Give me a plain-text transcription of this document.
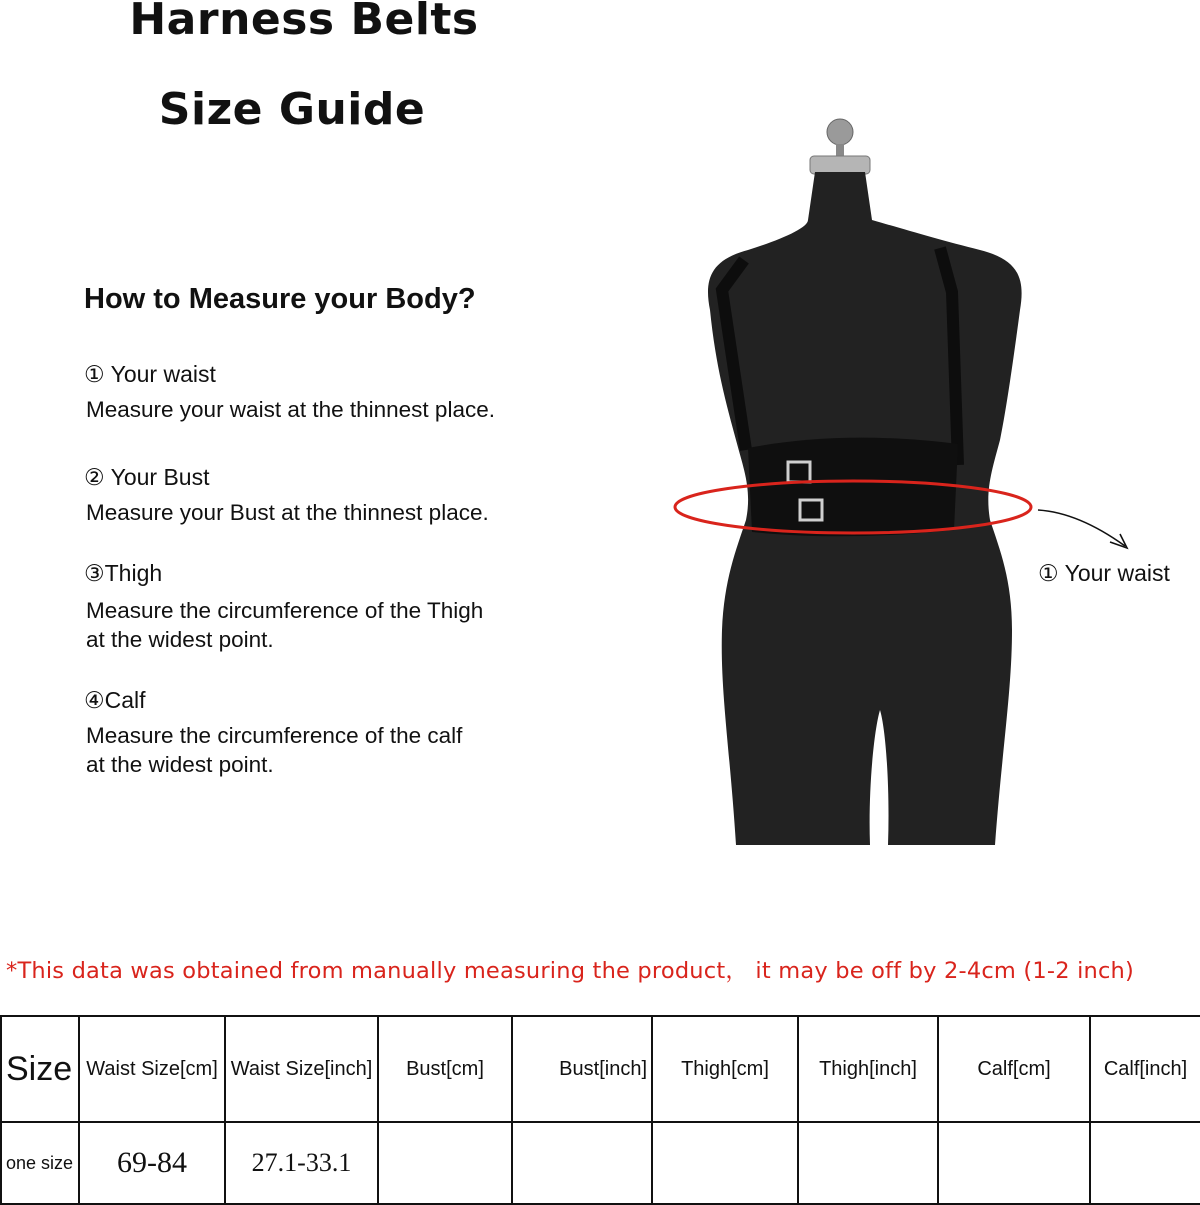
Harness Belts
Size Guide
How to Measure your Body?
① Your waist
Measure your waist at the thinnest place.
② Your Bust
Measure your Bust at the thinnest place.
③Thigh
Measure the circumference of the Thigh
at the widest point.
④Calf
Measure the circumference of the calf
at the widest point.
① Your waist
*This data was obtained from manually measuring the product， it may be off by 2-4cm (1-2 inch)
Size	Waist Size[cm]	Waist Size[inch]	Bust[cm]	Bust[inch]	Thigh[cm]	Thigh[inch]	Calf[cm]	Calf[inch]
one size	69-84	27.1-33.1						
